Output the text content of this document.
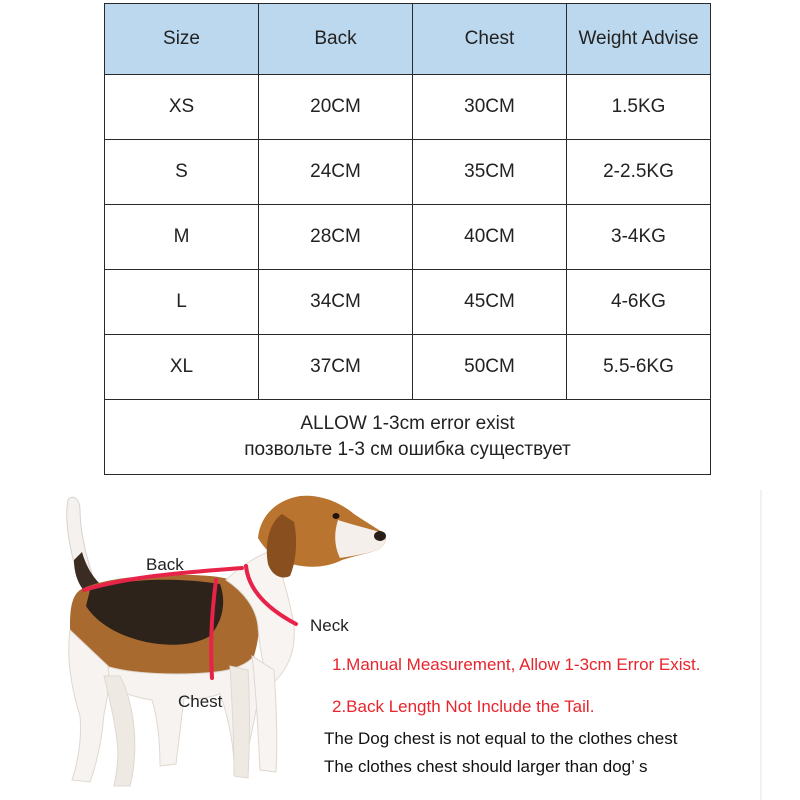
Size	Back	Chest	Weight Advise
XS	20CM	30CM	1.5KG
S	24CM	35CM	2-2.5KG
M	28CM	40CM	3-4KG
L	34CM	45CM	4-6KG
XL	37CM	50CM	5.5-6KG

ALLOW 1-3cm error exist
позвольте 1-3 см ошибка существует			
Back
Neck
Chest
1.Manual Measurement, Allow 1-3cm Error Exist.
2.Back Length Not Include the Tail.
The Dog chest is not equal to the clothes chest
The clothes chest should larger than dog’ s
